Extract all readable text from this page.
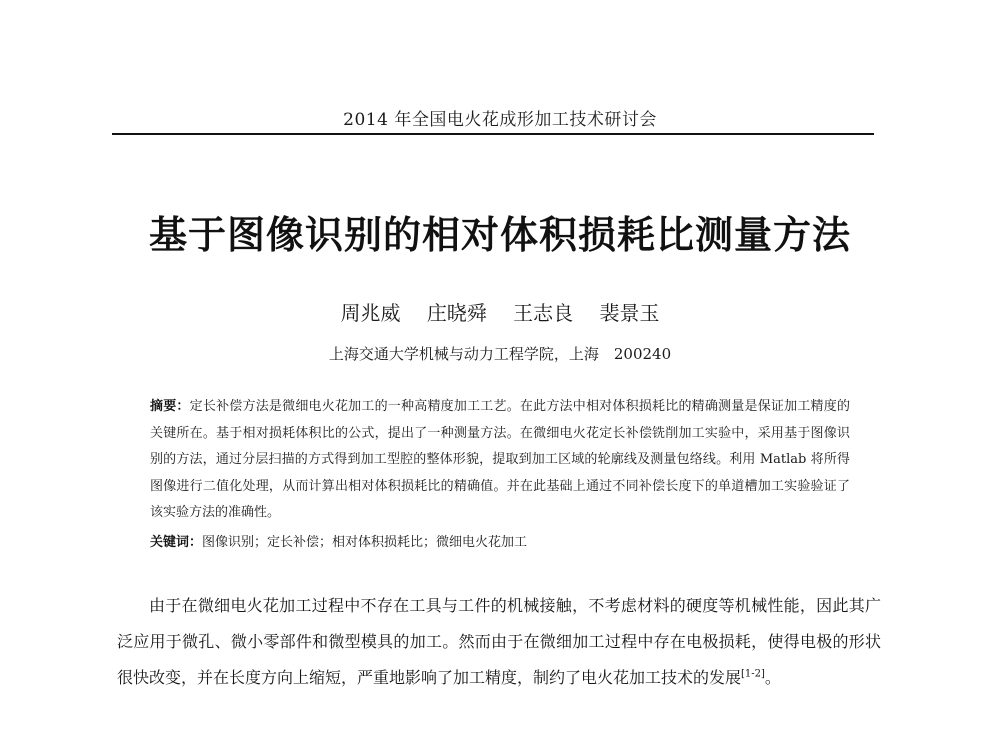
2014 年全国电火花成形加工技术研讨会
基于图像识别的相对体积损耗比测量方法
周兆威 庄晓舜 王志良 裴景玉
上海交通大学机械与动力工程学院，上海　200240
摘要：定长补偿方法是微细电火花加工的一种高精度加工工艺。在此方法中相对体积损耗比的精确测量是保证加工精度的关键所在。基于相对损耗体积比的公式，提出了一种测量方法。在微细电火花定长补偿铣削加工实验中，采用基于图像识别的方法，通过分层扫描的方式得到加工型腔的整体形貌，提取到加工区域的轮廓线及测量包络线。利用 Matlab 将所得图像进行二值化处理，从而计算出相对体积损耗比的精确值。并在此基础上通过不同补偿长度下的单道槽加工实验验证了该实验方法的准确性。
关键词：图像识别；定长补偿；相对体积损耗比；微细电火花加工
由于在微细电火花加工过程中不存在工具与工件的机械接触，不考虑材料的硬度等机械性能，因此其广泛应用于微孔、微小零部件和微型模具的加工。然而由于在微细加工过程中存在电极损耗，使得电极的形状很快改变，并在长度方向上缩短，严重地影响了加工精度，制约了电火花加工技术的发展[1-2]。
